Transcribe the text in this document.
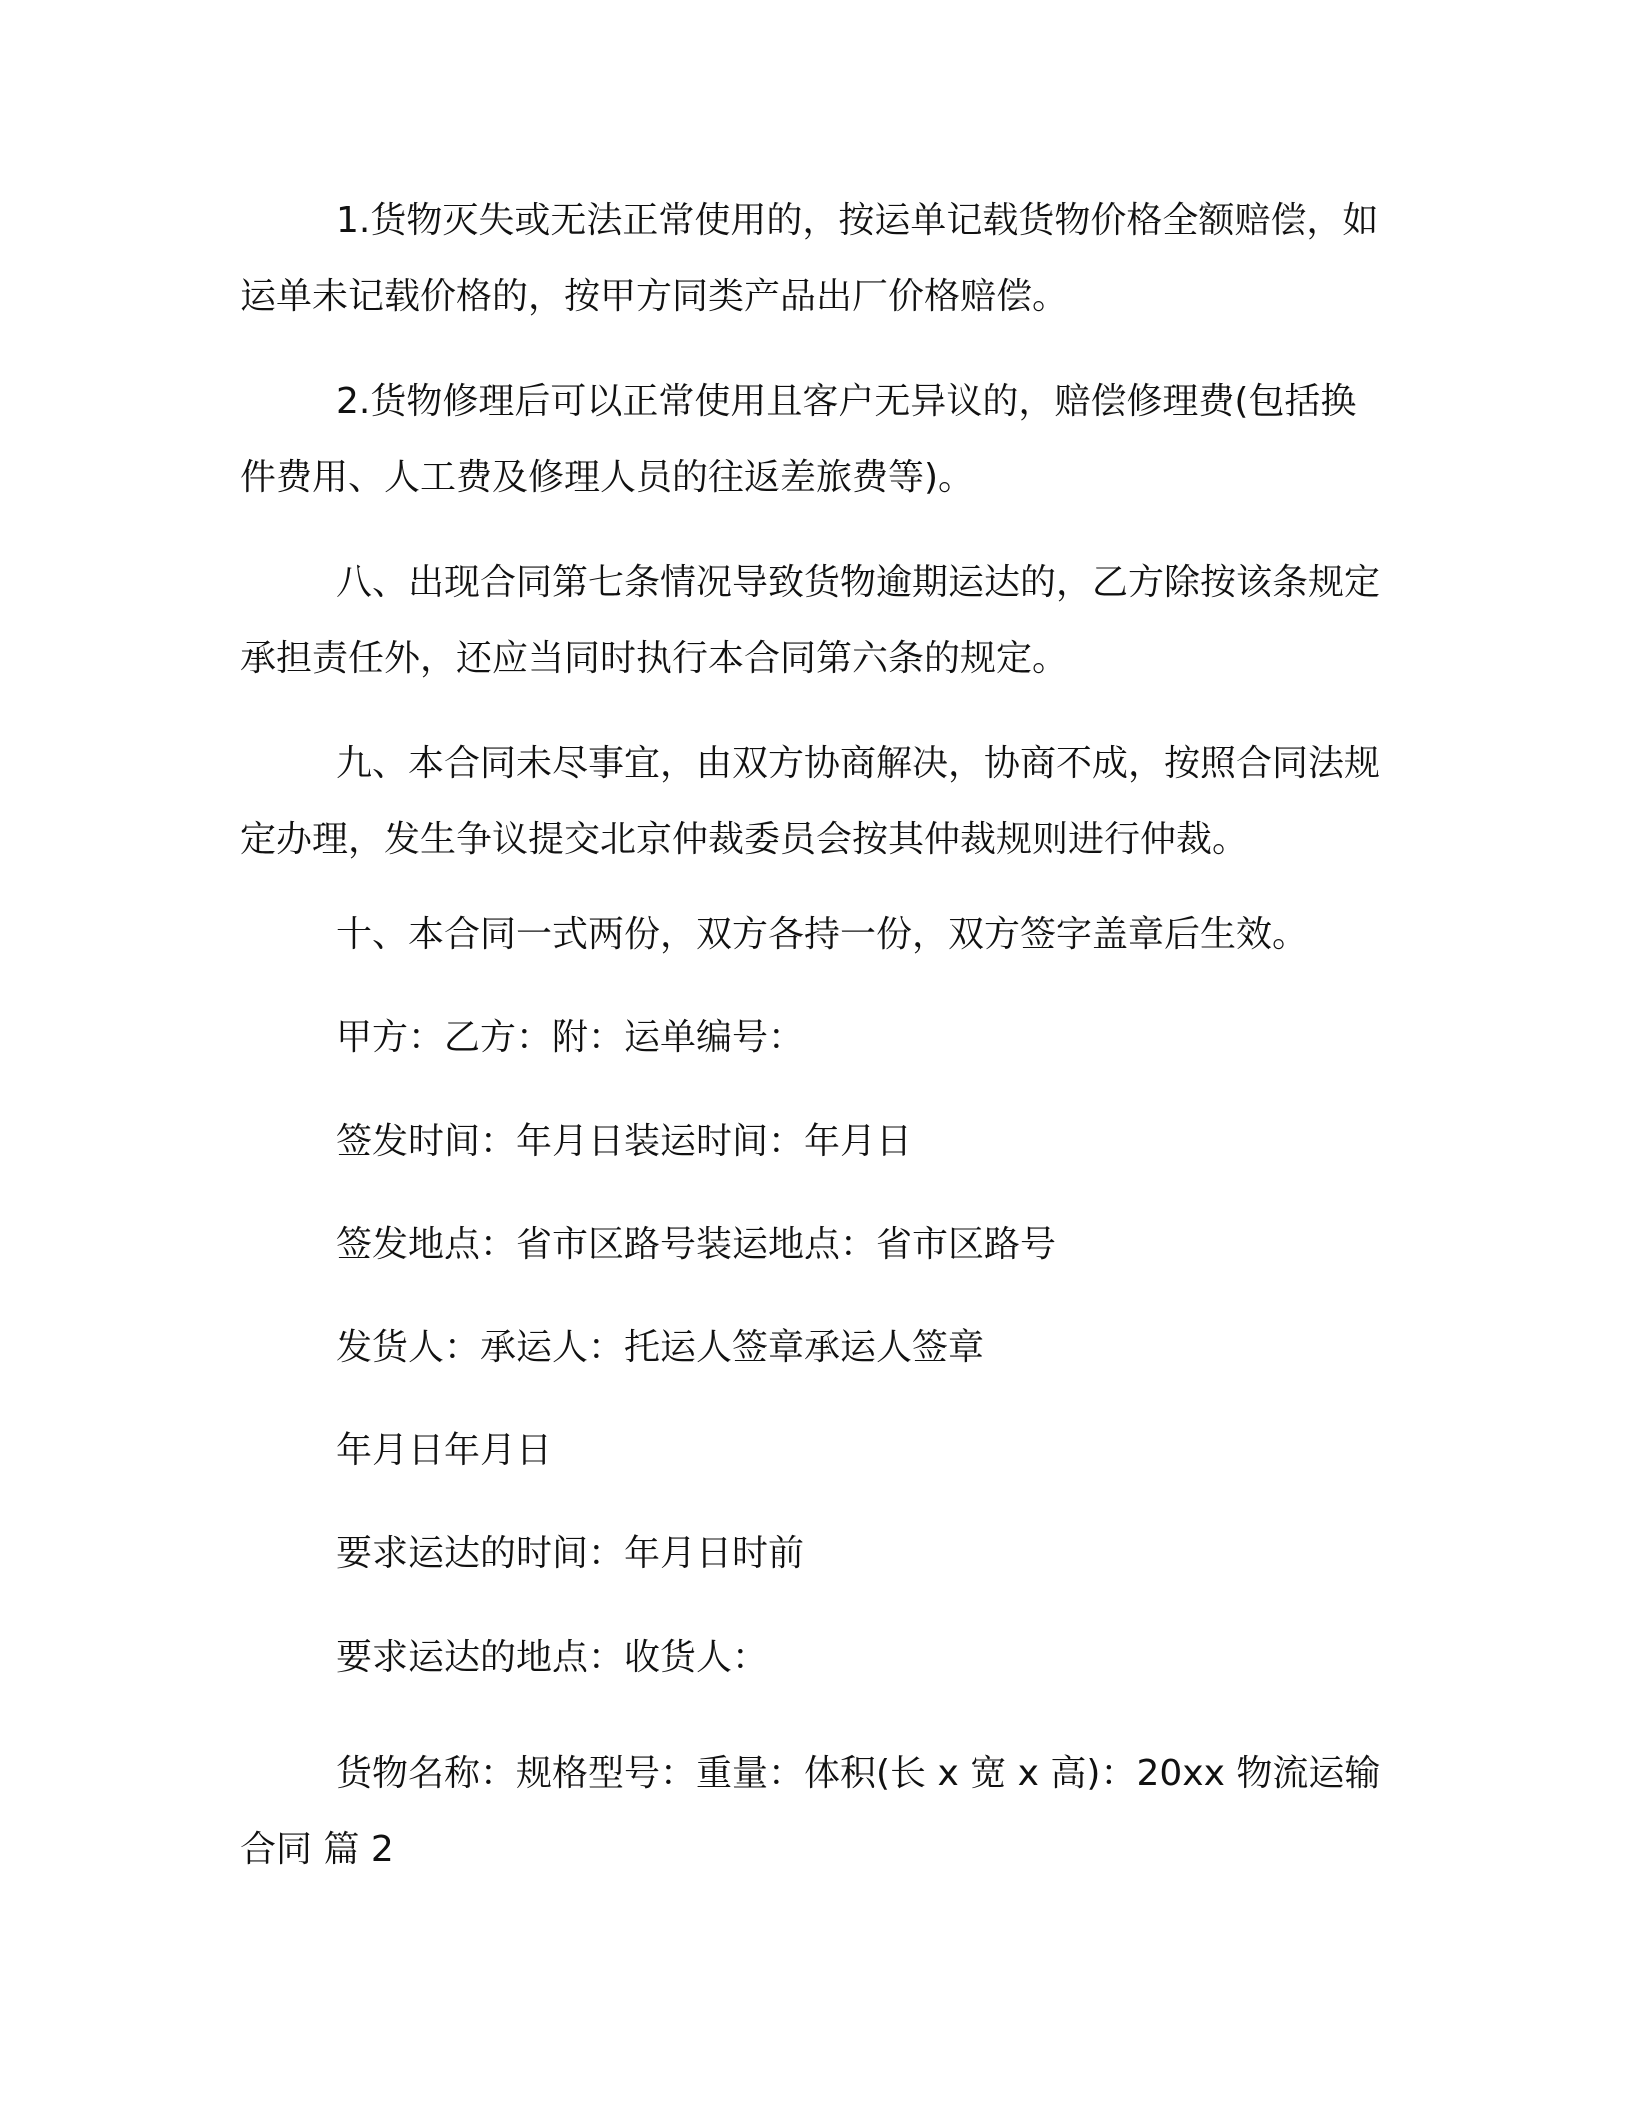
1.货物灭失或无法正常使用的，按运单记载货物价格全额赔偿，如运单未记载价格的，按甲方同类产品出厂价格赔偿。

2.货物修理后可以正常使用且客户无异议的，赔偿修理费(包括换件费用、人工费及修理人员的往返差旅费等)。

八、出现合同第七条情况导致货物逾期运达的，乙方除按该条规定承担责任外，还应当同时执行本合同第六条的规定。

九、本合同未尽事宜，由双方协商解决，协商不成，按照合同法规定办理，发生争议提交北京仲裁委员会按其仲裁规则进行仲裁。

十、本合同一式两份，双方各持一份，双方签字盖章后生效。

甲方：乙方：附：运单编号：

签发时间：年月日装运时间：年月日

签发地点：省市区路号装运地点：省市区路号

发货人：承运人：托运人签章承运人签章

年月日年月日

要求运达的时间：年月日时前

要求运达的地点：收货人：

货物名称：规格型号：重量：体积(长 x 宽 x 高)：20xx 物流运输合同 篇 2
